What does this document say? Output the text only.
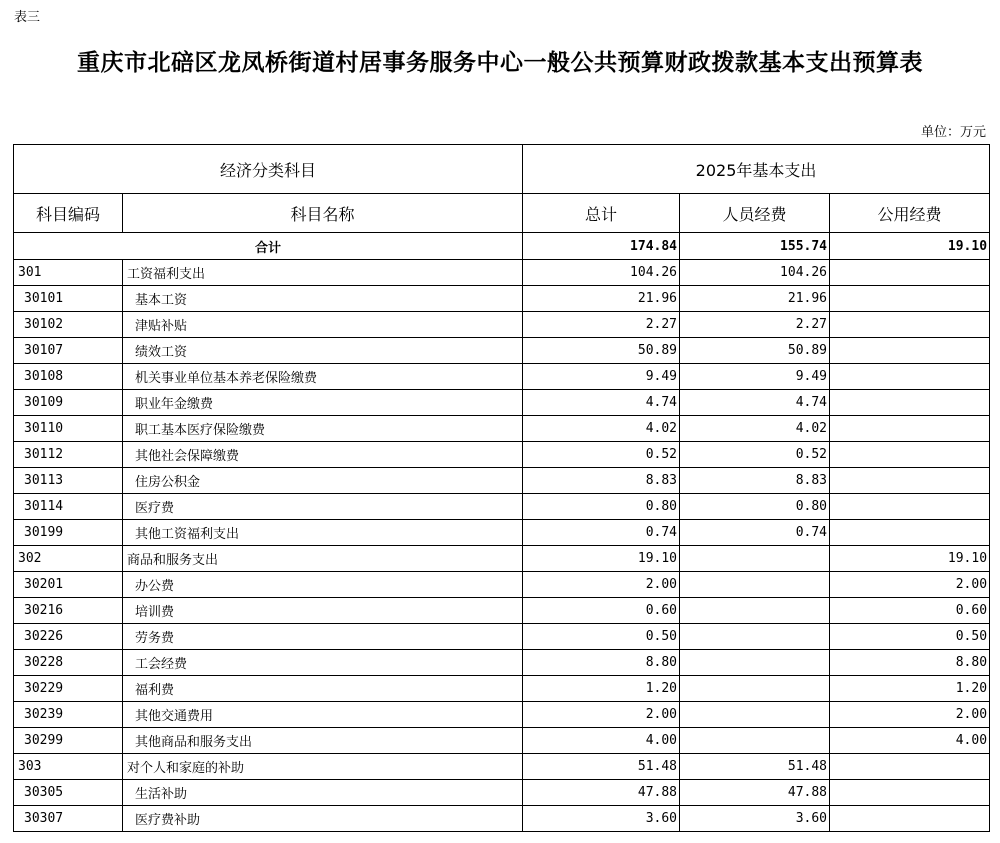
表三
重庆市北碚区龙凤桥街道村居事务服务中心一般公共预算财政拨款基本支出预算表
单位：万元
经济分类科目		2025年基本支出		
科目编码	科目名称	总计	人员经费	公用经费
合计		174.84	155.74	19.10
301	工资福利支出	104.26	104.26	
30101	基本工资	21.96	21.96	
30102	津贴补贴	2.27	2.27	
30107	绩效工资	50.89	50.89	
30108	机关事业单位基本养老保险缴费	9.49	9.49	
30109	职业年金缴费	4.74	4.74	
30110	职工基本医疗保险缴费	4.02	4.02	
30112	其他社会保障缴费	0.52	0.52	
30113	住房公积金	8.83	8.83	
30114	医疗费	0.80	0.80	
30199	其他工资福利支出	0.74	0.74	
302	商品和服务支出	19.10		19.10
30201	办公费	2.00		2.00
30216	培训费	0.60		0.60
30226	劳务费	0.50		0.50
30228	工会经费	8.80		8.80
30229	福利费	1.20		1.20
30239	其他交通费用	2.00		2.00
30299	其他商品和服务支出	4.00		4.00
303	对个人和家庭的补助	51.48	51.48	
30305	生活补助	47.88	47.88	
30307	医疗费补助	3.60	3.60	
